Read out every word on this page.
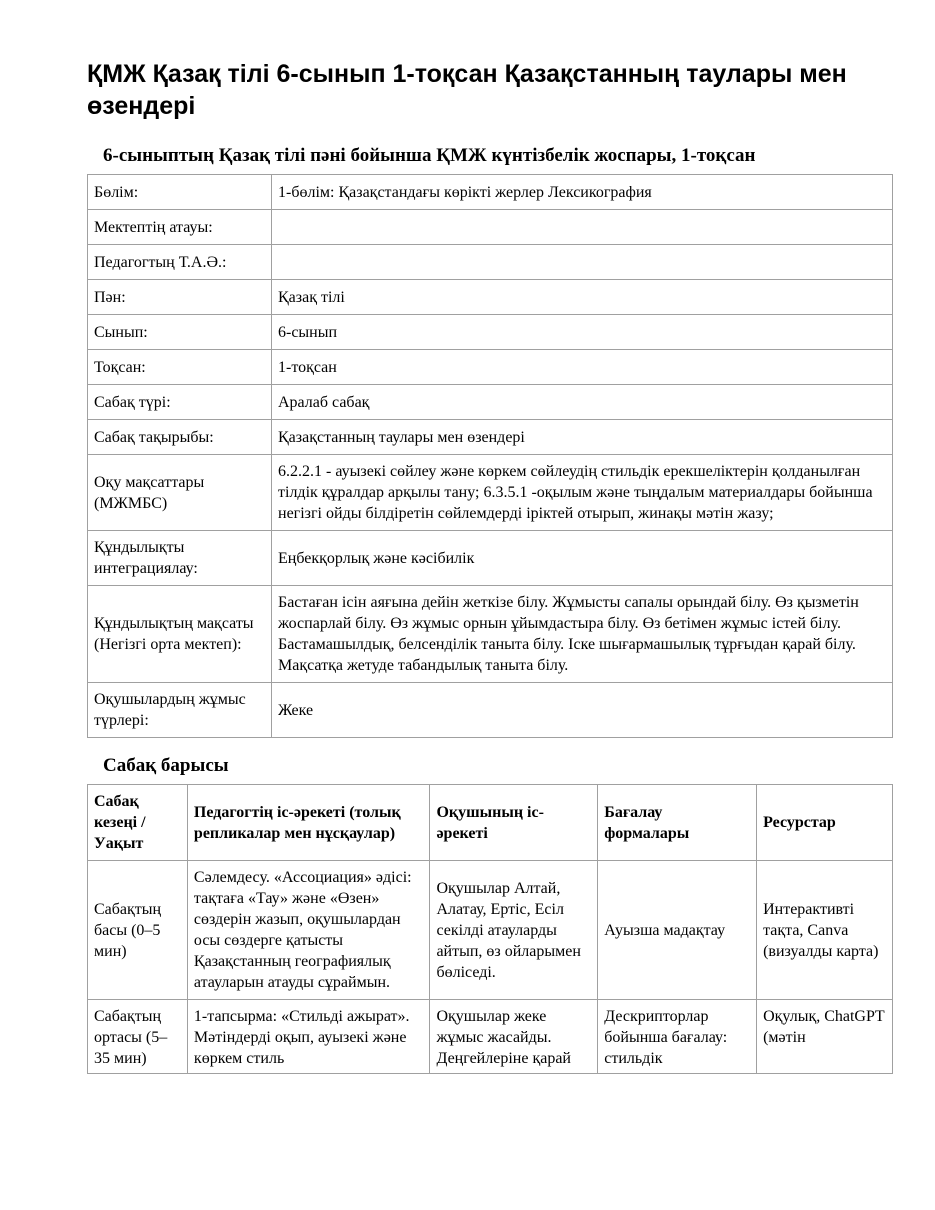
ҚМЖ Қазақ тілі 6-сынып 1-тоқсан Қазақстанның таулары мен өзендері
6-сыныптың Қазақ тілі пәні бойынша ҚМЖ күнтізбелік жоспары, 1-тоқсан
Бөлім:	1-бөлім: Қазақстандағы көрікті жерлер Лексикография
Мектептің атауы:	
Педагогтың Т.А.Ә.:	
Пән:	Қазақ тілі
Сынып:	6-сынып
Тоқсан:	1-тоқсан
Сабақ түрі:	Аралаб сабақ
Сабақ тақырыбы:	Қазақстанның таулары мен өзендері
Оқу мақсаттары (МЖМБС)	6.2.2.1 - ауызекі сөйлеу және көркем сөйлеудің стильдік ерекшеліктерін қолданылған тілдік құралдар арқылы тану; 6.3.5.1 -оқылым және тыңдалым материалдары бойынша негізгі ойды білдіретін сөйлемдерді іріктей отырып, жинақы мәтін жазу;
Құндылықты интеграциялау:	Еңбекқорлық және кәсібилік
Құндылықтың мақсаты (Негізгі орта мектеп):	Бастаған ісін аяғына дейін жеткізе білу. Жұмысты сапалы орындай білу. Өз қызметін жоспарлай білу. Өз жұмыс орнын ұйымдастыра білу. Өз бетімен жұмыс істей білу. Бастамашылдық, белсенділік таныта білу. Іске шығармашылық тұрғыдан қарай білу. Мақсатқа жетуде табандылық таныта білу.
Оқушылардың жұмыс түрлері:	Жеке
Сабақ барысы
Сабақ кезеңі / Уақыт	Педагогтің іс-әрекеті (толық репликалар мен нұсқаулар)	Оқушының іс-әрекеті	Бағалау формалары	Ресурстар
Сабақтың басы (0–5 мин)	Сәлемдесу. «Ассоциация» әдісі: тақтаға «Тау» және «Өзен» сөздерін жазып, оқушылардан осы сөздерге қатысты Қазақстанның географиялық атауларын атауды сұраймын.	Оқушылар Алтай, Алатау, Ертіс, Есіл секілді атауларды айтып, өз ойларымен бөліседі.	Ауызша мадақтау	Интерактивті тақта, Canva (визуалды карта)
Сабақтың ортасы (5–35 мин)	1-тапсырма: «Стильді ажырат». Мәтіндерді оқып, ауызекі және көркем стиль	Оқушылар жеке жұмыс жасайды. Деңгейлеріне қарай	Дескрипторлар бойынша бағалау: стильдік	Оқулық, ChatGPT (мәтін
